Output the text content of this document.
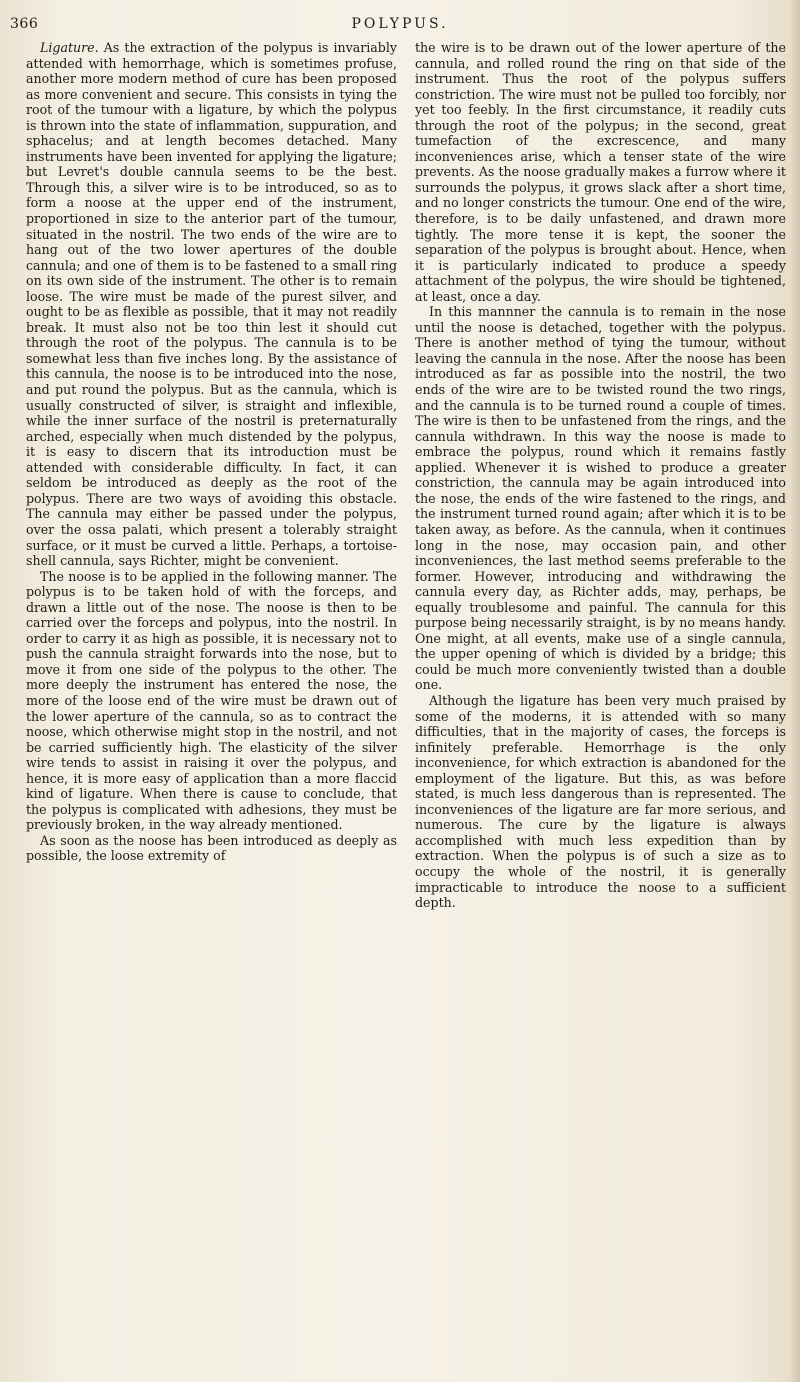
366	POLYPUS.

Ligature. As the extraction of the polypus is invariably attended with hemorrhage, which is sometimes profuse, another more modern method of cure has been proposed as more convenient and secure. This consists in tying the root of the tumour with a ligature, by which the polypus is thrown into the state of inflammation, suppuration, and sphacelus; and at length becomes detached. Many instruments have been invented for applying the ligature; but Levret's double cannula seems to be the best. Through this, a silver wire is to be introduced, so as to form a noose at the upper end of the instrument, proportioned in size to the anterior part of the tumour, situated in the nostril. The two ends of the wire are to hang out of the two lower apertures of the double cannula; and one of them is to be fastened to a small ring on its own side of the instrument. The other is to remain loose. The wire must be made of the purest silver, and ought to be as flexible as possible, that it may not readily break. It must also not be too thin lest it should cut through the root of the polypus. The cannula is to be somewhat less than five inches long. By the assistance of this cannula, the noose is to be introduced into the nose, and put round the polypus. But as the cannula, which is usually constructed of silver, is straight and inflexible, while the inner surface of the nostril is preternaturally arched, especially when much distended by the polypus, it is easy to discern that its introduction must be attended with considerable difficulty. In fact, it can seldom be introduced as deeply as the root of the polypus. There are two ways of avoiding this obstacle. The cannula may either be passed under the polypus, over the ossa palati, which present a tolerably straight surface, or it must be curved a little. Perhaps, a tortoise-shell cannula, says Richter, might be convenient.

The noose is to be applied in the following manner. The polypus is to be taken hold of with the forceps, and drawn a little out of the nose. The noose is then to be carried over the forceps and polypus, into the nostril. In order to carry it as high as possible, it is necessary not to push the cannula straight forwards into the nose, but to move it from one side of the polypus to the other. The more deeply the instrument has entered the nose, the more of the loose end of the wire must be drawn out of the lower aperture of the cannula, so as to contract the noose, which otherwise might stop in the nostril, and not be carried sufficiently high. The elasticity of the silver wire tends to assist in raising it over the polypus, and hence, it is more easy of application than a more flaccid kind of ligature. When there is cause to conclude, that the polypus is complicated with adhesions, they must be previously broken, in the way already mentioned.

As soon as the noose has been introduced as deeply as possible, the loose extremity of

the wire is to be drawn out of the lower aperture of the cannula, and rolled round the ring on that side of the instrument. Thus the root of the polypus suffers constriction. The wire must not be pulled too forcibly, nor yet too feebly. In the first circumstance, it readily cuts through the root of the polypus; in the second, great tumefaction of the excrescence, and many inconveniences arise, which a tenser state of the wire prevents. As the noose gradually makes a furrow where it surrounds the polypus, it grows slack after a short time, and no longer constricts the tumour. One end of the wire, therefore, is to be daily unfastened, and drawn more tightly. The more tense it is kept, the sooner the separation of the polypus is brought about. Hence, when it is particularly indicated to produce a speedy attachment of the polypus, the wire should be tightened, at least, once a day.

In this mannner the cannula is to remain in the nose until the noose is detached, together with the polypus. There is another method of tying the tumour, without leaving the cannula in the nose. After the noose has been introduced as far as possible into the nostril, the two ends of the wire are to be twisted round the two rings, and the cannula is to be turned round a couple of times. The wire is then to be unfastened from the rings, and the cannula withdrawn. In this way the noose is made to embrace the polypus, round which it remains fastly applied. Whenever it is wished to produce a greater constriction, the cannula may be again introduced into the nose, the ends of the wire fastened to the rings, and the instrument turned round again; after which it is to be taken away, as before. As the cannula, when it continues long in the nose, may occasion pain, and other inconveniences, the last method seems preferable to the former. However, introducing and withdrawing the cannula every day, as Richter adds, may, perhaps, be equally troublesome and painful. The cannula for this purpose being necessarily straight, is by no means handy. One might, at all events, make use of a single cannula, the upper opening of which is divided by a bridge; this could be much more conveniently twisted than a double one.

Although the ligature has been very much praised by some of the moderns, it is attended with so many difficulties, that in the majority of cases, the forceps is infinitely preferable. Hemorrhage is the only inconvenience, for which extraction is abandoned for the employment of the ligature. But this, as was before stated, is much less dangerous than is represented. The inconveniences of the ligature are far more serious, and numerous. The cure by the ligature is always accomplished with much less expedition than by extraction. When the polypus is of such a size as to occupy the whole of the nostril, it is generally impracticable to introduce the noose to a sufficient depth.
